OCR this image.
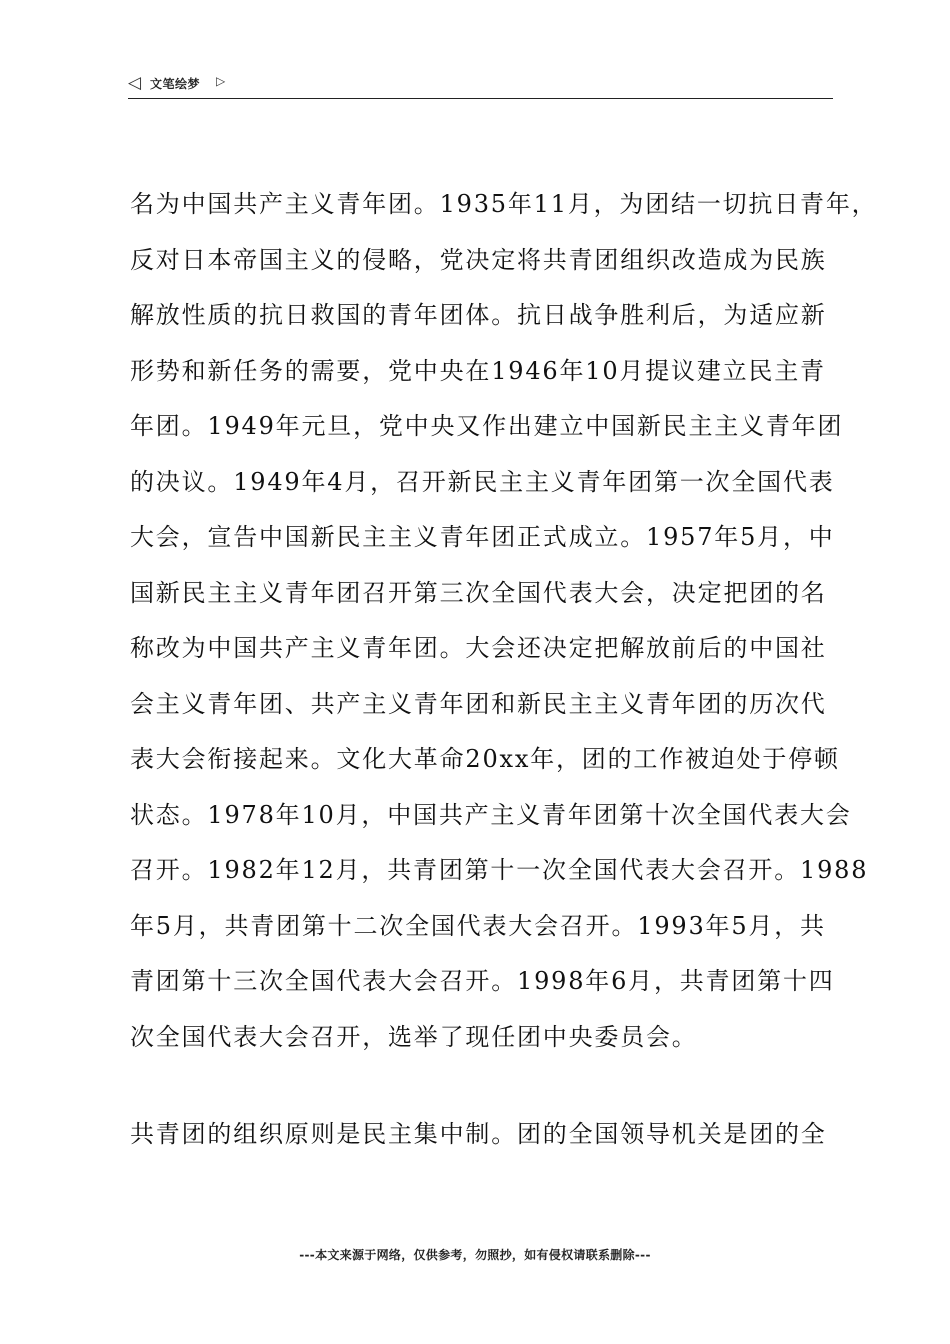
◁ 文笔绘梦 ▷
名为中国共产主义青年团。1935年11月，为团结一切抗日青年，
反对日本帝国主义的侵略，党决定将共青团组织改造成为民族
解放性质的抗日救国的青年团体。抗日战争胜利后，为适应新
形势和新任务的需要，党中央在1946年10月提议建立民主青
年团。1949年元旦，党中央又作出建立中国新民主主义青年团
的决议。1949年4月，召开新民主主义青年团第一次全国代表
大会，宣告中国新民主主义青年团正式成立。1957年5月，中
国新民主主义青年团召开第三次全国代表大会，决定把团的名
称改为中国共产主义青年团。大会还决定把解放前后的中国社
会主义青年团、共产主义青年团和新民主主义青年团的历次代
表大会衔接起来。文化大革命20xx年，团的工作被迫处于停顿
状态。1978年10月，中国共产主义青年团第十次全国代表大会
召开。1982年12月，共青团第十一次全国代表大会召开。1988
年5月，共青团第十二次全国代表大会召开。1993年5月，共
青团第十三次全国代表大会召开。1998年6月，共青团第十四
次全国代表大会召开，选举了现任团中央委员会。
共青团的组织原则是民主集中制。团的全国领导机关是团的全
---本文来源于网络，仅供参考，勿照抄，如有侵权请联系删除---
